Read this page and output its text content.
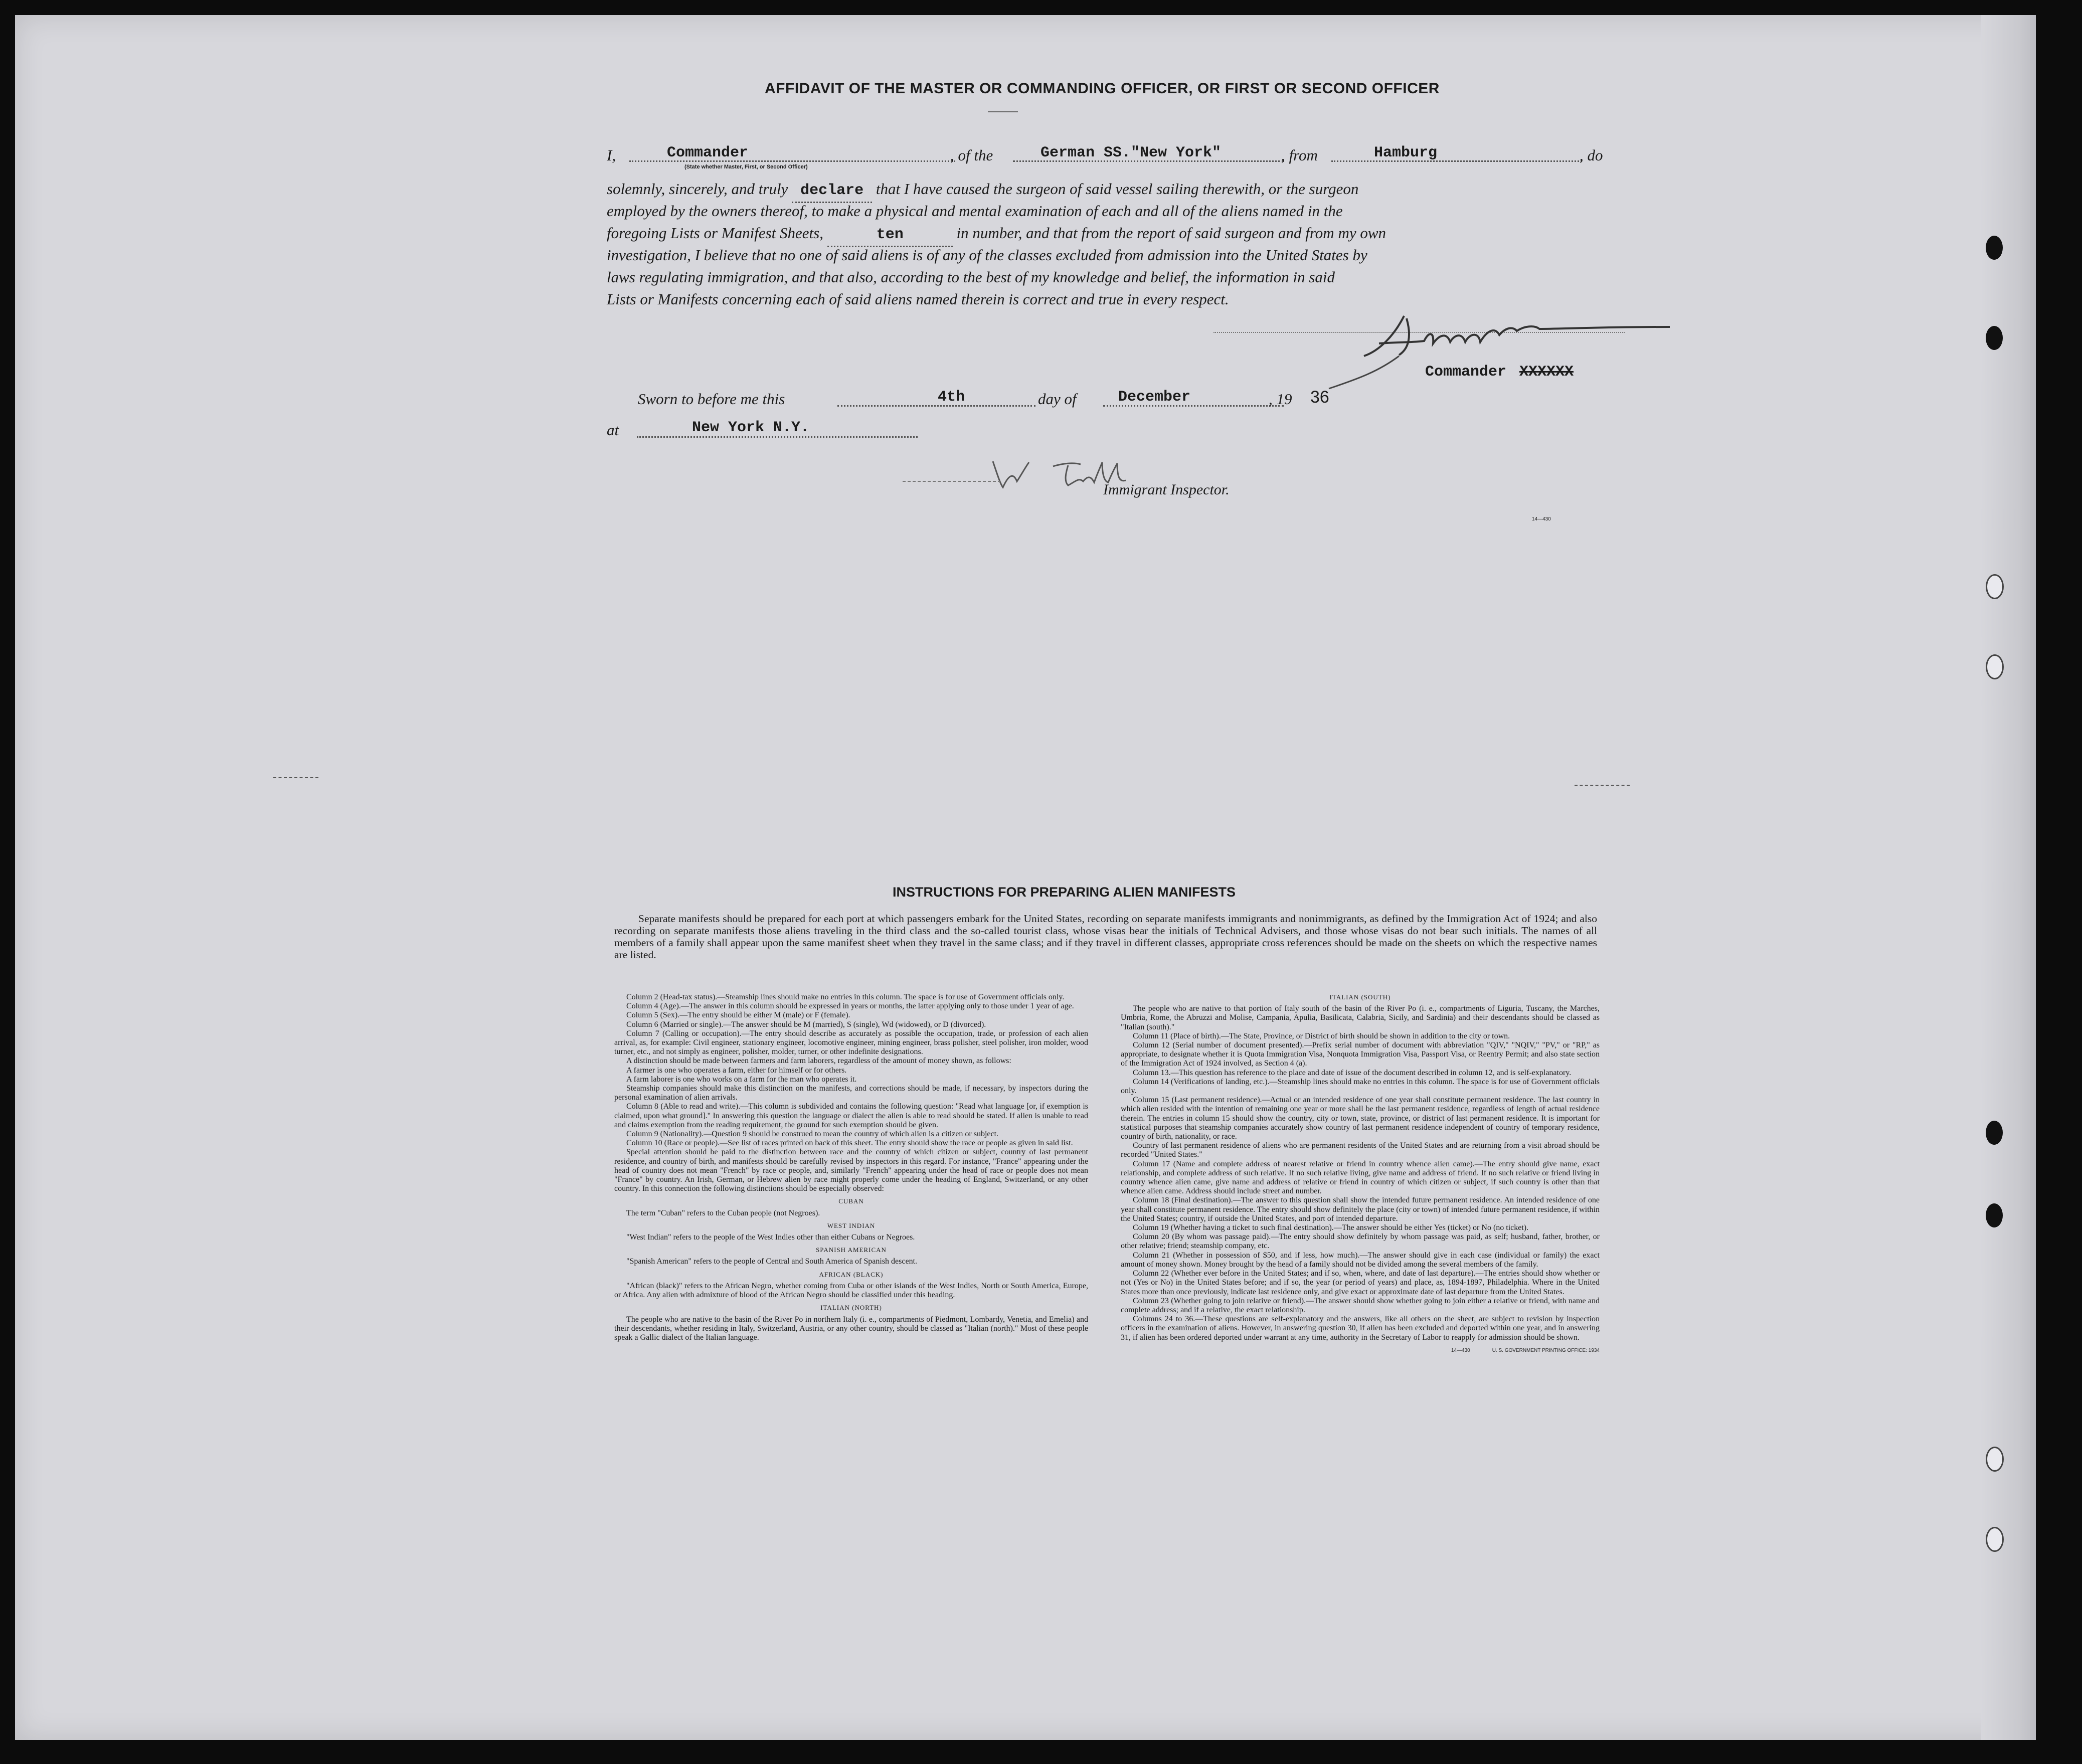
AFFIDAVIT OF THE MASTER OR COMMANDING OFFICER, OR FIRST OR SECOND OFFICER
I,	Commander
(State whether Master, First, or Second Officer)
, of the	German SS."New York"	, from	Hamburg	, do
solemnly, sincerely, and truly declare that I have caused the surgeon of said vessel sailing therewith, or the surgeon
employed by the owners thereof, to make a physical and mental examination of each and all of the aliens named in the
foregoing Lists or Manifest Sheets,	ten	in number, and that from the report of said surgeon and from my own
investigation, I believe that no one of said aliens is of any of the classes excluded from admission into the United States by
laws regulating immigration, and that also, according to the best of my knowledge and belief, the information in said
Lists or Manifests concerning each of said aliens named therein is correct and true in every respect.
Commander XXXXXX
Sworn to before me this	4th	day of	December	, 19 36
at	New York N.Y.
Immigrant Inspector.
14—430
INSTRUCTIONS FOR PREPARING ALIEN MANIFESTS
Separate manifests should be prepared for each port at which passengers embark for the United States, recording on separate manifests immigrants and nonimmigrants, as defined by the Immigration Act of 1924; and also recording on separate manifests those aliens traveling in the third class and the so-called tourist class, whose visas bear the initials of Technical Advisers, and those whose visas do not bear such initials. The names of all members of a family shall appear upon the same manifest sheet when they travel in the same class; and if they travel in different classes, appropriate cross references should be made on the sheets on which the respective names are listed.

Column 2 (Head-tax status).—Steamship lines should make no entries in this column. The space is for use of Government officials only.

Column 4 (Age).—The answer in this column should be expressed in years or months, the latter applying only to those under 1 year of age.

Column 5 (Sex).—The entry should be either M (male) or F (female).

Column 6 (Married or single).—The answer should be M (married), S (single), Wd (widowed), or D (divorced).

Column 7 (Calling or occupation).—The entry should describe as accurately as possible the occupation, trade, or profession of each alien arrival, as, for example: Civil engineer, stationary engineer, locomotive engineer, mining engineer, brass polisher, steel polisher, iron molder, wood turner, etc., and not simply as engineer, polisher, molder, turner, or other indefinite designations.

A distinction should be made between farmers and farm laborers, regardless of the amount of money shown, as follows:

A farmer is one who operates a farm, either for himself or for others.

A farm laborer is one who works on a farm for the man who operates it.

Steamship companies should make this distinction on the manifests, and corrections should be made, if necessary, by inspectors during the personal examination of alien arrivals.

Column 8 (Able to read and write).—This column is subdivided and contains the following question: "Read what language [or, if exemption is claimed, upon what ground]." In answering this question the language or dialect the alien is able to read should be stated. If alien is unable to read and claims exemption from the reading requirement, the ground for such exemption should be given.

Column 9 (Nationality).—Question 9 should be construed to mean the country of which alien is a citizen or subject.

Column 10 (Race or people).—See list of races printed on back of this sheet. The entry should show the race or people as given in said list.

Special attention should be paid to the distinction between race and the country of which citizen or subject, country of last permanent residence, and country of birth, and manifests should be carefully revised by inspectors in this regard. For instance, "France" appearing under the head of country does not mean "French" by race or people, and, similarly "French" appearing under the head of race or people does not mean "France" by country. An Irish, German, or Hebrew alien by race might properly come under the heading of England, Switzerland, or any other country. In this connection the following distinctions should be especially observed:

CUBAN

The term "Cuban" refers to the Cuban people (not Negroes).

WEST INDIAN

"West Indian" refers to the people of the West Indies other than either Cubans or Negroes.

SPANISH AMERICAN

"Spanish American" refers to the people of Central and South America of Spanish descent.

AFRICAN (BLACK)

"African (black)" refers to the African Negro, whether coming from Cuba or other islands of the West Indies, North or South America, Europe, or Africa. Any alien with admixture of blood of the African Negro should be classified under this heading.

ITALIAN (NORTH)

The people who are native to the basin of the River Po in northern Italy (i. e., compartments of Piedmont, Lombardy, Venetia, and Emelia) and their descendants, whether residing in Italy, Switzerland, Austria, or any other country, should be classed as "Italian (north)." Most of these people speak a Gallic dialect of the Italian language.

ITALIAN (SOUTH)

The people who are native to that portion of Italy south of the basin of the River Po (i. e., compartments of Liguria, Tuscany, the Marches, Umbria, Rome, the Abruzzi and Molise, Campania, Apulia, Basilicata, Calabria, Sicily, and Sardinia) and their descendants should be classed as "Italian (south)."

Column 11 (Place of birth).—The State, Province, or District of birth should be shown in addition to the city or town.

Column 12 (Serial number of document presented).—Prefix serial number of document with abbreviation "QIV," "NQIV," "PV," or "RP," as appropriate, to designate whether it is Quota Immigration Visa, Nonquota Immigration Visa, Passport Visa, or Reentry Permit; and also state section of the Immigration Act of 1924 involved, as Section 4 (a).

Column 13.—This question has reference to the place and date of issue of the document described in column 12, and is self-explanatory.

Column 14 (Verifications of landing, etc.).—Steamship lines should make no entries in this column. The space is for use of Government officials only.

Column 15 (Last permanent residence).—Actual or an intended residence of one year shall constitute permanent residence. The last country in which alien resided with the intention of remaining one year or more shall be the last permanent residence, regardless of length of actual residence therein. The entries in column 15 should show the country, city or town, state, province, or district of last permanent residence. It is important for statistical purposes that steamship companies accurately show country of last permanent residence independent of country of temporary residence, country of birth, nationality, or race.

Country of last permanent residence of aliens who are permanent residents of the United States and are returning from a visit abroad should be recorded "United States."

Column 17 (Name and complete address of nearest relative or friend in country whence alien came).—The entry should give name, exact relationship, and complete address of such relative. If no such relative living, give name and address of friend. If no such relative or friend living in country whence alien came, give name and address of relative or friend in country of which citizen or subject, if such country is other than that whence alien came. Address should include street and number.

Column 18 (Final destination).—The answer to this question shall show the intended future permanent residence. An intended residence of one year shall constitute permanent residence. The entry should show definitely the place (city or town) of intended future permanent residence, if within the United States; country, if outside the United States, and port of intended departure.

Column 19 (Whether having a ticket to such final destination).—The answer should be either Yes (ticket) or No (no ticket).

Column 20 (By whom was passage paid).—The entry should show definitely by whom passage was paid, as self; husband, father, brother, or other relative; friend; steamship company, etc.

Column 21 (Whether in possession of $50, and if less, how much).—The answer should give in each case (individual or family) the exact amount of money shown. Money brought by the head of a family should not be divided among the several members of the family.

Column 22 (Whether ever before in the United States; and if so, when, where, and date of last departure).—The entries should show whether or not (Yes or No) in the United States before; and if so, the year (or period of years) and place, as, 1894-1897, Philadelphia. Where in the United States more than once previously, indicate last residence only, and give exact or approximate date of last departure from the United States.

Column 23 (Whether going to join relative or friend).—The answer should show whether going to join either a relative or friend, with name and complete address; and if a relative, the exact relationship.

Columns 24 to 36.—These questions are self-explanatory and the answers, like all others on the sheet, are subject to revision by inspection officers in the examination of aliens. However, in answering question 30, if alien has been excluded and deported within one year, and in answering 31, if alien has been ordered deported under warrant at any time, authority in the Secretary of Labor to reapply for admission should be shown.

14—430	U. S. GOVERNMENT PRINTING OFFICE: 1934
